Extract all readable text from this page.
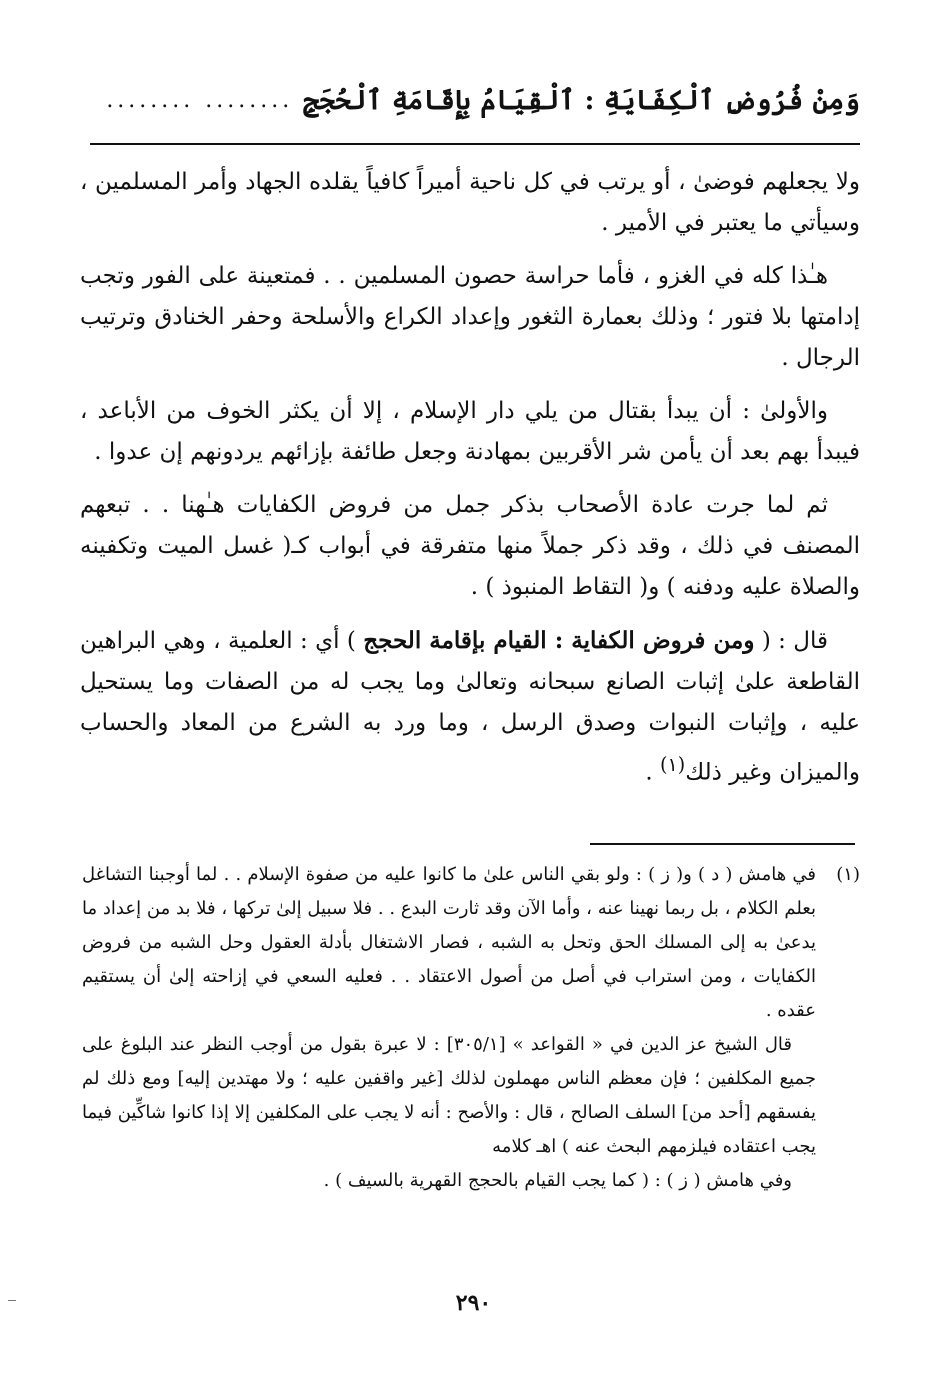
وَمِنْ فُرُوضِ ٱلْكِفَايَةِ : ٱلْقِيَامُ بِإِقَامَةِ ٱلْحُجَجِ
........ ........

ولا يجعلهم فوضىٰ ، أو يرتب في كل ناحية أميراً كافياً يقلده الجهاد وأمر المسلمين ، وسيأتي ما يعتبر في الأمير .

هـٰذا كله في الغزو ، فأما حراسة حصون المسلمين . . فمتعينة على الفور وتجب إدامتها بلا فتور ؛ وذلك بعمارة الثغور وإعداد الكراع والأسلحة وحفر الخنادق وترتيب الرجال .

والأولىٰ : أن يبدأ بقتال من يلي دار الإسلام ، إلا أن يكثر الخوف من الأباعد ، فيبدأ بهم بعد أن يأمن شر الأقربين بمهادنة وجعل طائفة بإزائهم يردونهم إن عدوا .

ثم لما جرت عادة الأصحاب بذكر جمل من فروض الكفايات هـٰهنا . . تبعهم المصنف في ذلك ، وقد ذكر جملاً منها متفرقة في أبواب كـ( غسل الميت وتكفينه والصلاة عليه ودفنه ) و( التقاط المنبوذ ) .

قال : ( ومن فروض الكفاية : القيام بإقامة الحجج ) أي : العلمية ، وهي البراهين القاطعة علىٰ إثبات الصانع سبحانه وتعالىٰ وما يجب له من الصفات وما يستحيل عليه ، وإثبات النبوات وصدق الرسل ، وما ورد به الشرع من المعاد والحساب والميزان وغير ذلك$^{(١)}$ .

(١)

في هامش ( د ) و( ز ) : ولو بقي الناس علىٰ ما كانوا عليه من صفوة الإسلام . . لما أوجبنا التشاغل بعلم الكلام ، بل ربما نهينا عنه ، وأما الآن وقد ثارت البدع . . فلا سبيل إلىٰ تركها ، فلا بد من إعداد ما يدعىٰ به إلى المسلك الحق وتحل به الشبه ، فصار الاشتغال بأدلة العقول وحل الشبه من فروض الكفايات ، ومن استراب في أصل من أصول الاعتقاد . . فعليه السعي في إزاحته إلىٰ أن يستقيم عقده .

قال الشيخ عز الدين في « القواعد » [٣٠٥/١] : لا عبرة بقول من أوجب النظر عند البلوغ على جميع المكلفين ؛ فإن معظم الناس مهملون لذلك [غير واقفين عليه ؛ ولا مهتدين إليه] ومع ذلك لم يفسقهم [أحد من] السلف الصالح ، قال : والأصح : أنه لا يجب على المكلفين إلا إذا كانوا شاكِّين فيما يجب اعتقاده فيلزمهم البحث عنه ) اهـ كلامه

وفي هامش ( ز ) : ( كما يجب القيام بالحجج القهرية بالسيف ) .

٢٩٠
